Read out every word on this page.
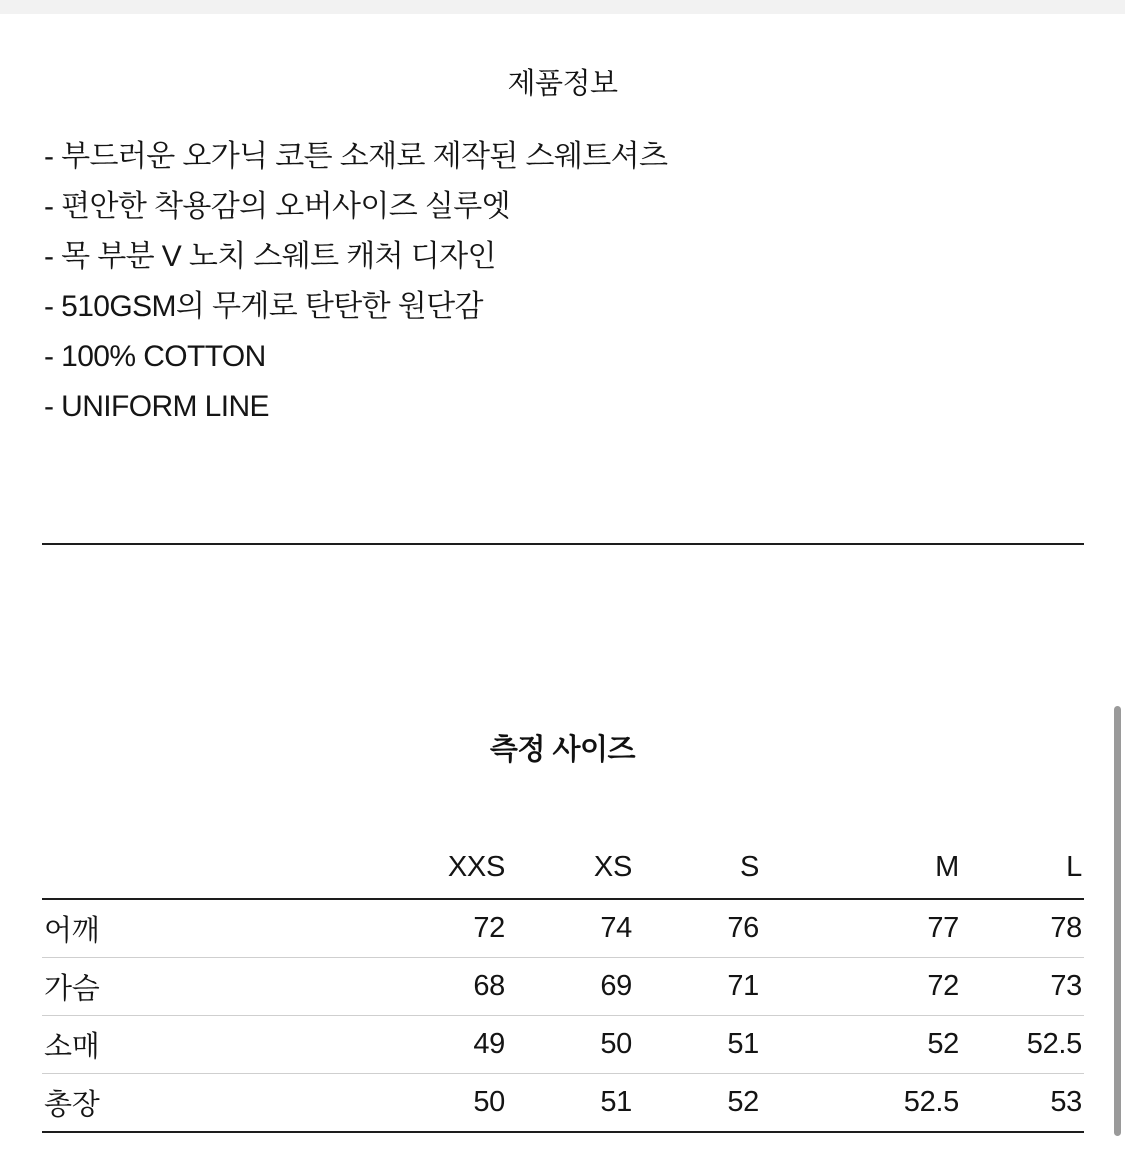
제품정보
- 부드러운 오가닉 코튼 소재로 제작된 스웨트셔츠
- 편안한 착용감의 오버사이즈 실루엣
- 목 부분 V 노치 스웨트 캐처 디자인
- 510GSM의 무게로 탄탄한 원단감
- 100% COTTON
- UNIFORM LINE
측정 사이즈
	XXS	XS	S	M	L
어깨	72	74	76	77	78
가슴	68	69	71	72	73
소매	49	50	51	52	52.5
총장	50	51	52	52.5	53
